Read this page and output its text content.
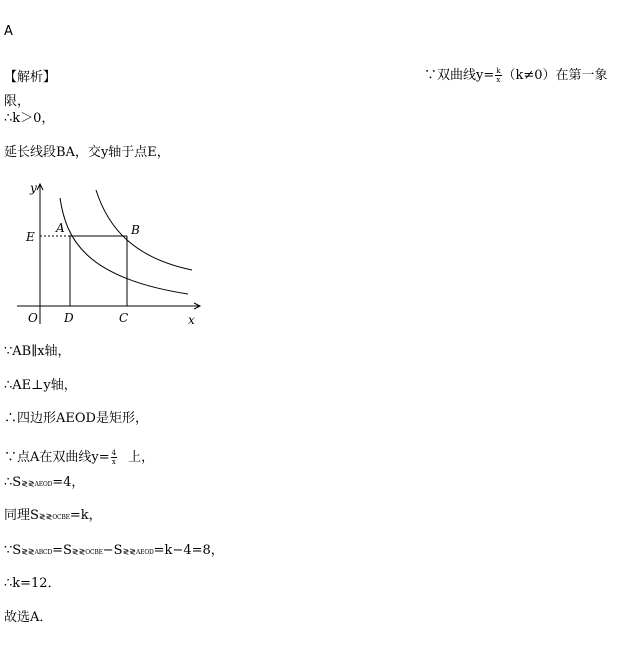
A
【解析】	∵双曲线$y= \frac{k}{x} (k\ne 0)$在第一象
限，
∴k＞0，
延长线段BA，交y轴于点E，
y
E
A	B
O D	C	x
∵AB∥x轴，
∴AE⊥y轴，
∴四边形AEOD是矩形，
∵点A在双曲线$y= \frac{4}{x}$ 上，
∴S≷≷AEOD=4，
同理S≷≷OCBE=k，
∵S≷≷ABCD=S≷≷OCBE−S≷≷AEOD=k−4=8，
∴k=12．
故选A．
